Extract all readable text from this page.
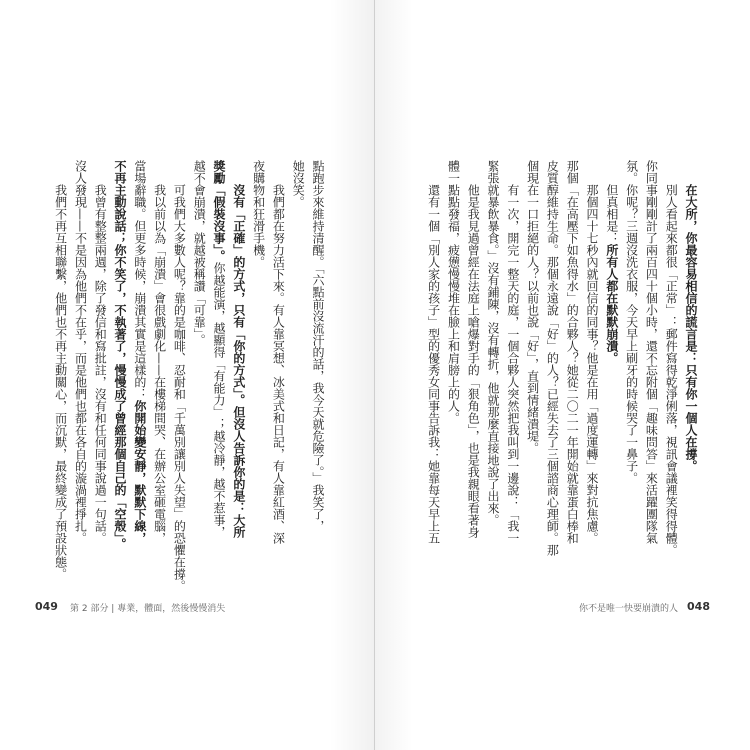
在大所，你最容易相信的謊言是：只有你一個人在撐。
別人看起來都很「正常」：郵件寫得乾淨俐落，視訊會議裡笑得得體。
你同事剛剛計了兩百四十個小時，還不忘附個「趣味問答」來活躍團隊氣
氛。你呢？三週沒洗衣服，今天早上刷牙的時候哭了一鼻子。
但真相是：所有人都在默默崩潰。
那個四十七秒內就回信的同事？他是在用「過度運轉」來對抗焦慮。
那個「在高壓下如魚得水」的合夥人？她從二〇二一年開始就靠蛋白棒和
皮質醇維持生命。那個永遠說「好」的人？已經失去了三個諮商心理師。那
個現在一口拒絕的人？以前也說「好」，直到情緒潰堤。
有一次，開完一整天的庭，一個合夥人突然把我叫到一邊說：「我一
緊張就暴飲暴食。」沒有鋪陳，沒有轉折，他就那麼直接地說了出來。
他是我見過曾經在法庭上嗆爆對手的「狠角色」，也是我親眼看著身
體一點點發福，疲憊慢慢堆在臉上和肩膀上的人。
還有一個「別人家的孩子」型的優秀女同事告訴我：她靠每天早上五
點跑步來維持清醒。「六點前沒流汗的話，我今天就危險了。」我笑了，
她沒笑。
我們都在努力活下來。有人靠冥想、冰美式和日記，有人靠紅酒、深
夜購物和狂滑手機。
沒有「正確」的方式，只有「你的方式」。但沒人告訴你的是：大所
獎勵「假裝沒事」。你越能演，越顯得「有能力」；越冷靜，越不惹事，
越不會崩潰，就越被稱讚「可靠」。
可我們大多數人呢？靠的是咖啡、忍耐和「千萬別讓別人失望」的恐懼在撐。
我以前以為「崩潰」會很戲劇化——在樓梯間哭、在辦公室砸電腦，
當場辭職。但更多時候，崩潰其實是這樣的：你開始變安靜，默默下線，
不再主動說話；你不笑了，不執著了，慢慢成了曾經那個自己的「空殼」。
我曾有整整兩週，除了發信和寫批註，沒有和任何同事說過一句話。
沒人發現——不是因為他們不在乎，而是他們也都在各自的漩渦裡掙扎。
我們不再互相聯繫，他們也不再主動關心，而沉默，最終變成了預設狀態。
049 第 2 部分 | 專業，體面，然後慢慢消失	你不是唯一快要崩潰的人 048
